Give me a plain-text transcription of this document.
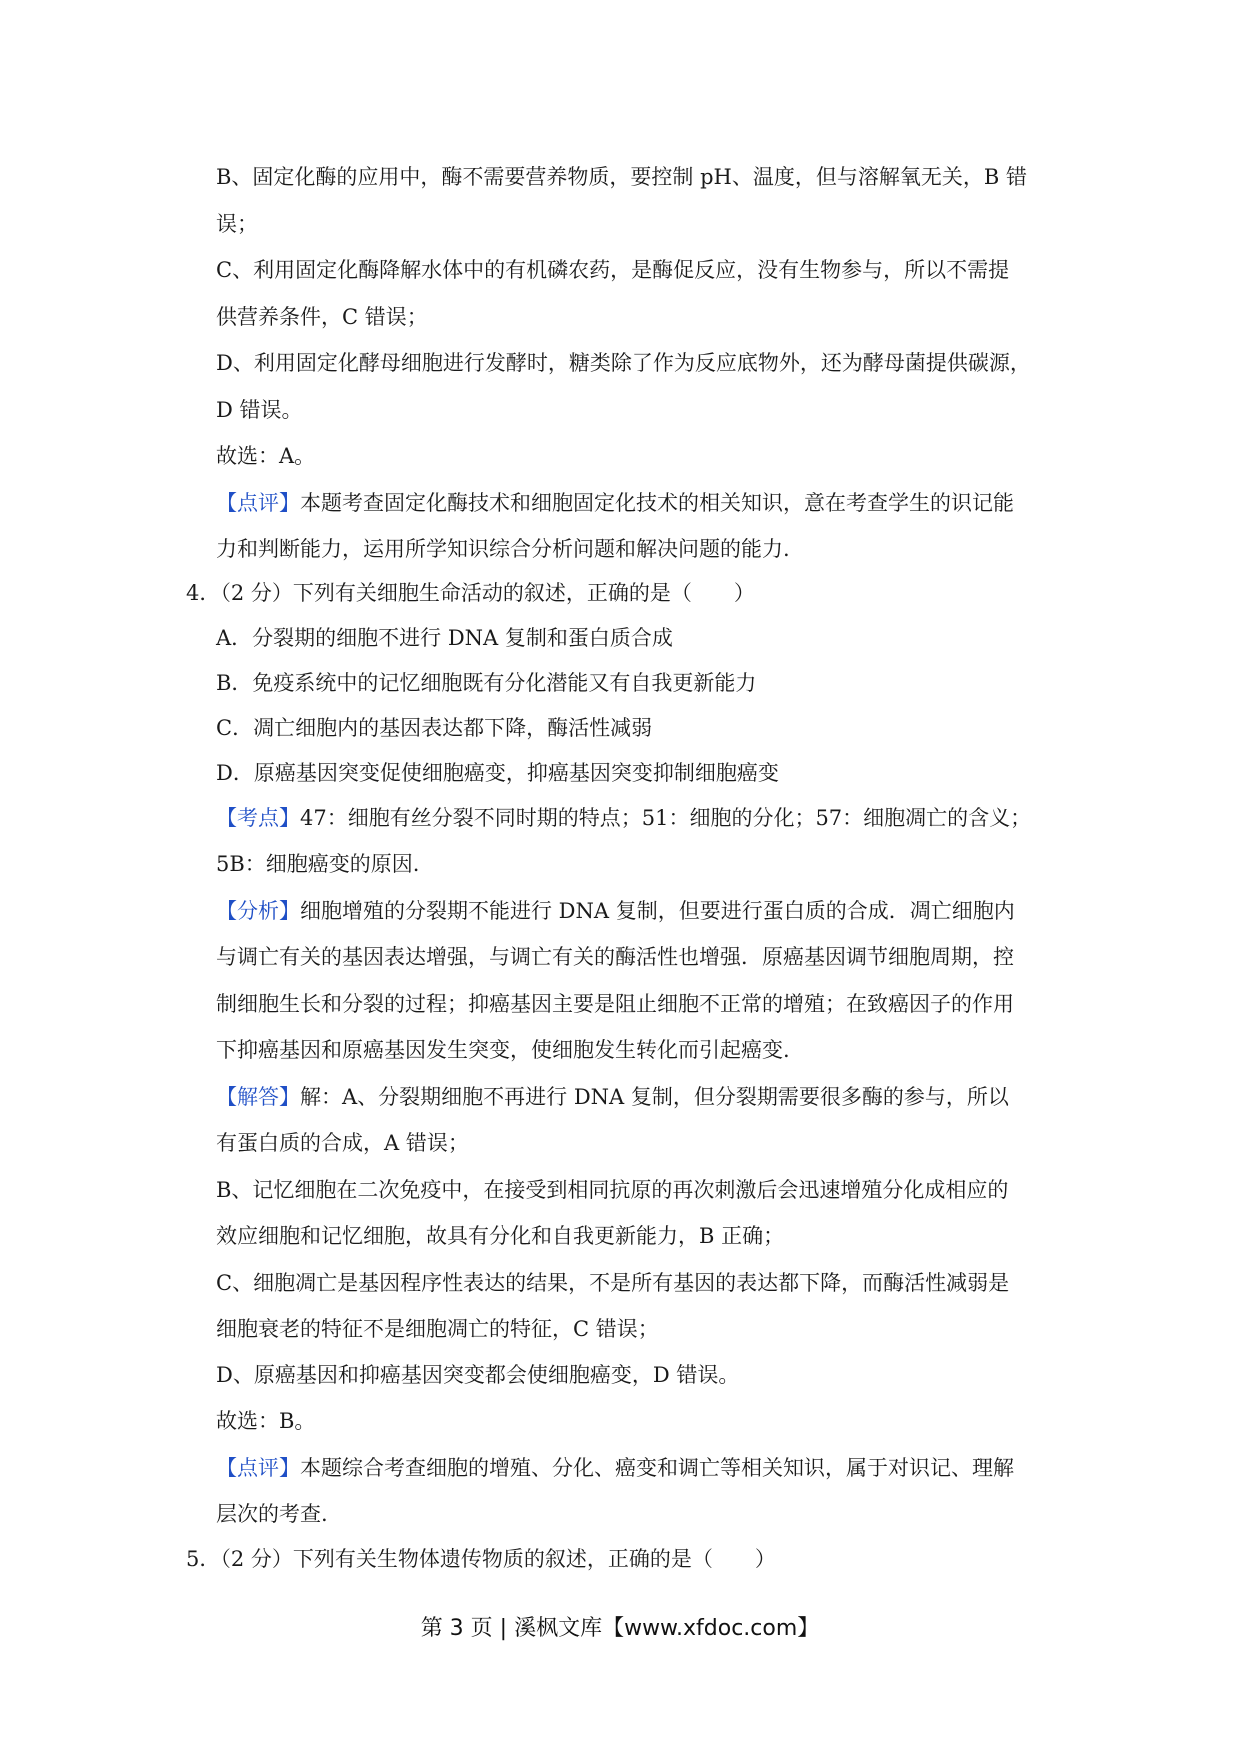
B、固定化酶的应用中，酶不需要营养物质，要控制 pH、温度，但与溶解氧无关，B 错
误；
C、利用固定化酶降解水体中的有机磷农药，是酶促反应，没有生物参与，所以不需提
供营养条件，C 错误；
D、利用固定化酵母细胞进行发酵时，糖类除了作为反应底物外，还为酵母菌提供碳源，
D 错误。
故选：A。
【点评】本题考查固定化酶技术和细胞固定化技术的相关知识，意在考查学生的识记能
力和判断能力，运用所学知识综合分析问题和解决问题的能力.
4．（2 分）下列有关细胞生命活动的叙述，正确的是（　　）
A．分裂期的细胞不进行 DNA 复制和蛋白质合成
B．免疫系统中的记忆细胞既有分化潜能又有自我更新能力
C．凋亡细胞内的基因表达都下降，酶活性减弱
D．原癌基因突变促使细胞癌变，抑癌基因突变抑制细胞癌变
【考点】47：细胞有丝分裂不同时期的特点；51：细胞的分化；57：细胞凋亡的含义；
5B：细胞癌变的原因.
【分析】细胞增殖的分裂期不能进行 DNA 复制，但要进行蛋白质的合成．凋亡细胞内
与调亡有关的基因表达增强，与调亡有关的酶活性也增强．原癌基因调节细胞周期，控
制细胞生长和分裂的过程；抑癌基因主要是阻止细胞不正常的增殖；在致癌因子的作用
下抑癌基因和原癌基因发生突变，使细胞发生转化而引起癌变.
【解答】解：A、分裂期细胞不再进行 DNA 复制，但分裂期需要很多酶的参与，所以
有蛋白质的合成，A 错误；
B、记忆细胞在二次免疫中，在接受到相同抗原的再次刺激后会迅速增殖分化成相应的
效应细胞和记忆细胞，故具有分化和自我更新能力，B 正确；
C、细胞凋亡是基因程序性表达的结果，不是所有基因的表达都下降，而酶活性减弱是
细胞衰老的特征不是细胞凋亡的特征，C 错误；
D、原癌基因和抑癌基因突变都会使细胞癌变，D 错误。
故选：B。
【点评】本题综合考查细胞的增殖、分化、癌变和调亡等相关知识，属于对识记、理解
层次的考查.
5．（2 分）下列有关生物体遗传物质的叙述，正确的是（　　）
第 3 页 | 溪枫文库【www.xfdoc.com】
